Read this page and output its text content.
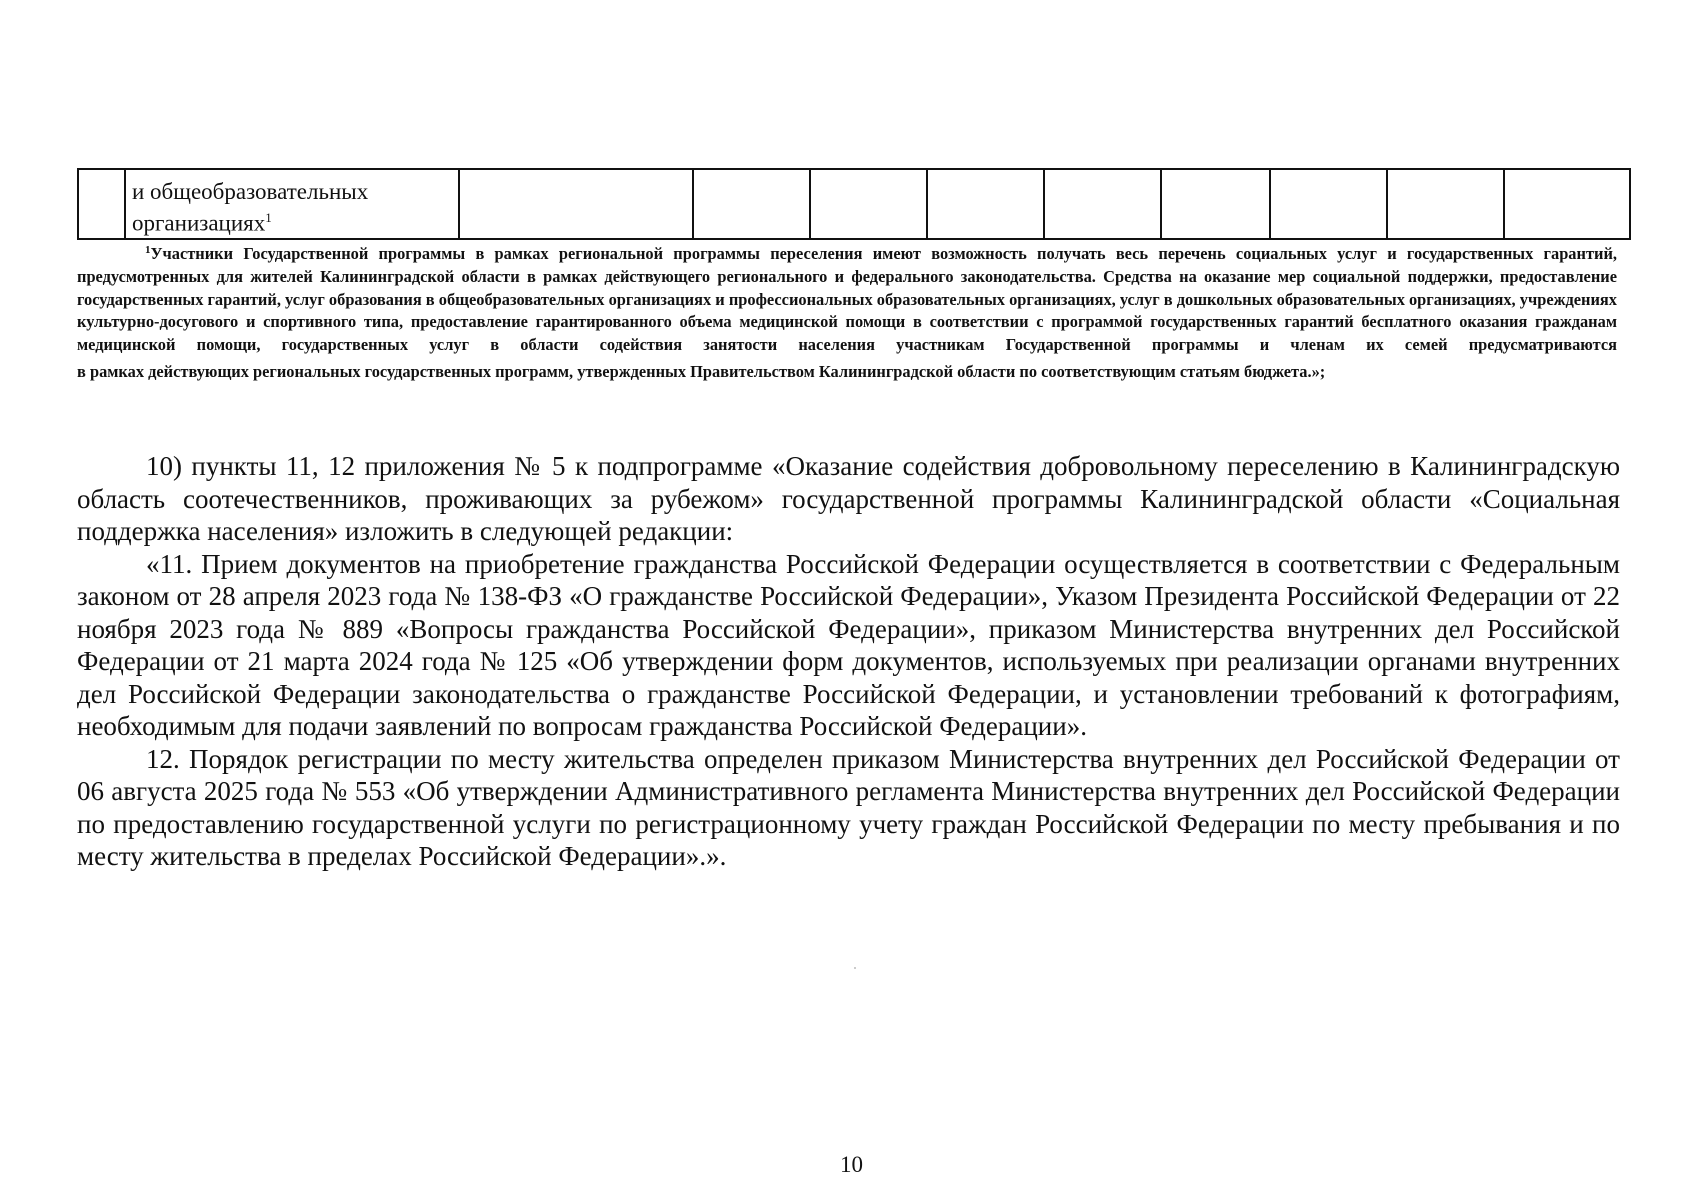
и общеобразовательных
организациях$^1$

$^1$Участники Государственной программы в рамках региональной программы переселения имеют возможность получать весь перечень социальных услуг и государственных гарантий, предусмотренных для жителей Калининградской области в рамках действующего регионального и федерального законодательства. Средства на оказание мер социальной поддержки, предоставление государственных гарантий, услуг образования в общеобразовательных организациях и профессиональных образовательных организациях, услуг в дошкольных образовательных организациях, учреждениях культурно-досугового и спортивного типа, предоставление гарантированного объема медицинской помощи в соответствии с программой государственных гарантий бесплатного оказания гражданам медицинской помощи, государственных услуг в области содействия занятости населения участникам Государственной программы и членам их семей предусматриваются
в рамках действующих региональных государственных программ, утвержденных Правительством Калининградской области по соответствующим статьям бюджета.»;

10) пункты 11, 12 приложения № 5 к подпрограмме «Оказание содействия добровольному переселению в Калининградскую область соотечественников, проживающих за рубежом» государственной программы Калининградской области «Социальная поддержка населения» изложить в следующей редакции:

«11. Прием документов на приобретение гражданства Российской Федерации осуществляется в соответствии с Федеральным законом от 28 апреля 2023 года № 138-ФЗ «О гражданстве Российской Федерации», Указом Президента Российской Федерации от 22 ноября 2023 года № 889 «Вопросы гражданства Российской Федерации», приказом Министерства внутренних дел Российской Федерации от 21 марта 2024 года № 125 «Об утверждении форм документов, используемых при реализации органами внутренних дел Российской Федерации законодательства о гражданстве Российской Федерации, и установлении требований к фотографиям, необходимым для подачи заявлений по вопросам гражданства Российской Федерации».

12. Порядок регистрации по месту жительства определен приказом Министерства внутренних дел Российской Федерации от 06 августа 2025 года № 553 «Об утверждении Административного регламента Министерства внутренних дел Российской Федерации по предоставлению государственной услуги по регистрационному учету граждан Российской Федерации по месту пребывания и по месту жительства в пределах Российской Федерации».».

10
